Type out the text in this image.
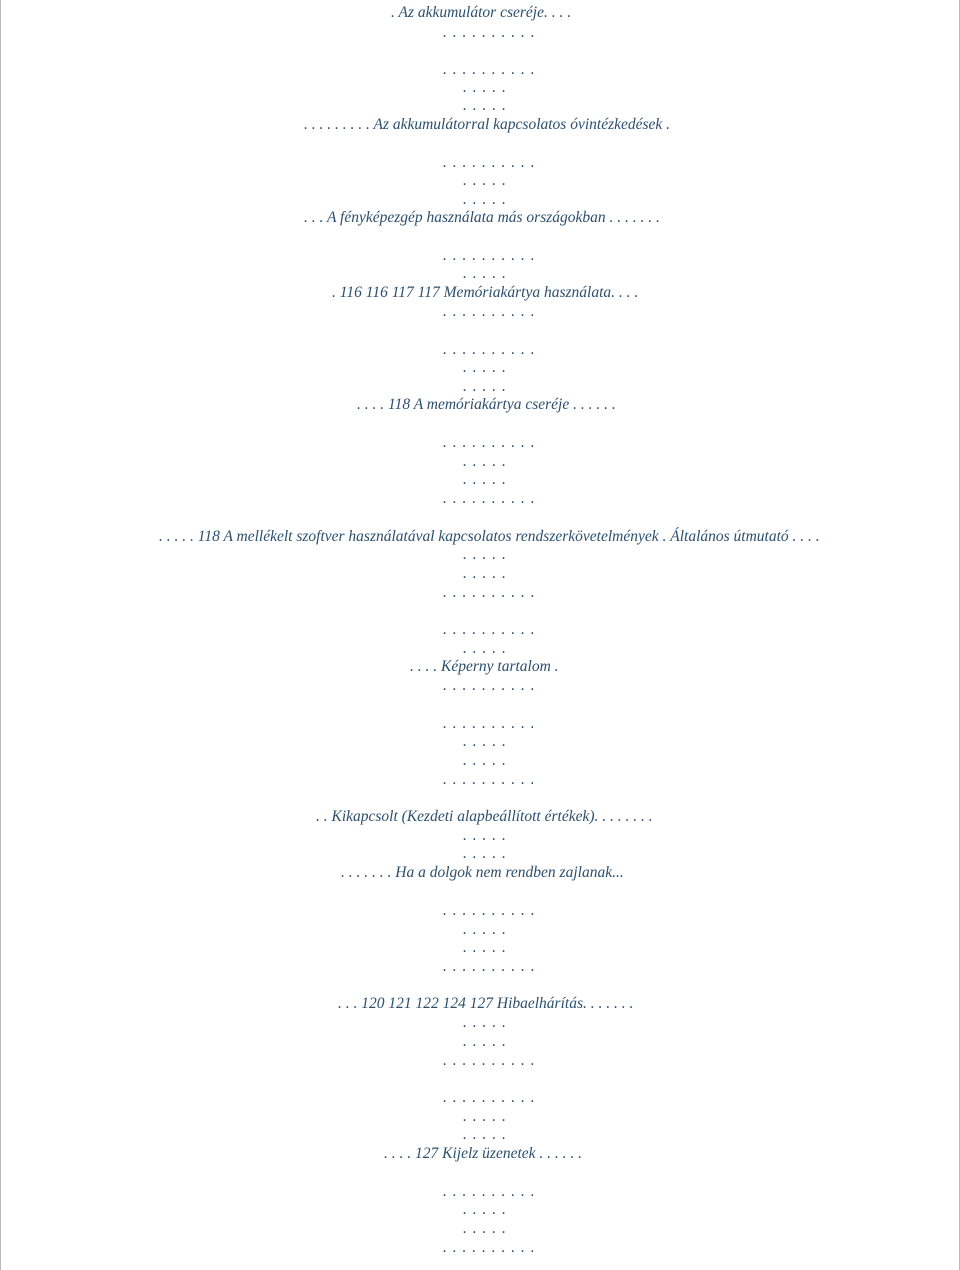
. Az akkumulátor cseréje. . . .
. . . . . . . . . .
. . . . . . . . . .
. . . . .
. . . . .
. . . . . . . . . Az akkumulátorral kapcsolatos óvintézkedések .
. . . . . . . . . .
. . . . .
. . . . .
. . . A fényképezgép használata más országokban . . . . . . .
. . . . . . . . . .
. . . . .
. 116 116 117 117 Memóriakártya használata. . . .
. . . . . . . . . .
. . . . . . . . . .
. . . . .
. . . . .
. . . . 118 A memóriakártya cseréje . . . . . .
. . . . . . . . . .
. . . . .
. . . . .
. . . . . . . . . .
. . . . . 118 A mellékelt szoftver használatával kapcsolatos rendszerkövetelmények . Általános útmutató . . . .
. . . . .
. . . . .
. . . . . . . . . .
. . . . . . . . . .
. . . . .
. . . . Képerny tartalom .
. . . . . . . . . .
. . . . . . . . . .
. . . . .
. . . . .
. . . . . . . . . .
. . Kikapcsolt (Kezdeti alapbeállított értékek). . . . . . . .
. . . . .
. . . . .
. . . . . . . Ha a dolgok nem rendben zajlanak...
. . . . . . . . . .
. . . . .
. . . . .
. . . . . . . . . .
. . . 120 121 122 124 127 Hibaelhárítás. . . . . . .
. . . . .
. . . . .
. . . . . . . . . .
. . . . . . . . . .
. . . . .
. . . . .
. . . . 127 Kijelz üzenetek . . . . . .
. . . . . . . . . .
. . . . .
. . . . .
. . . . . . . . . .
